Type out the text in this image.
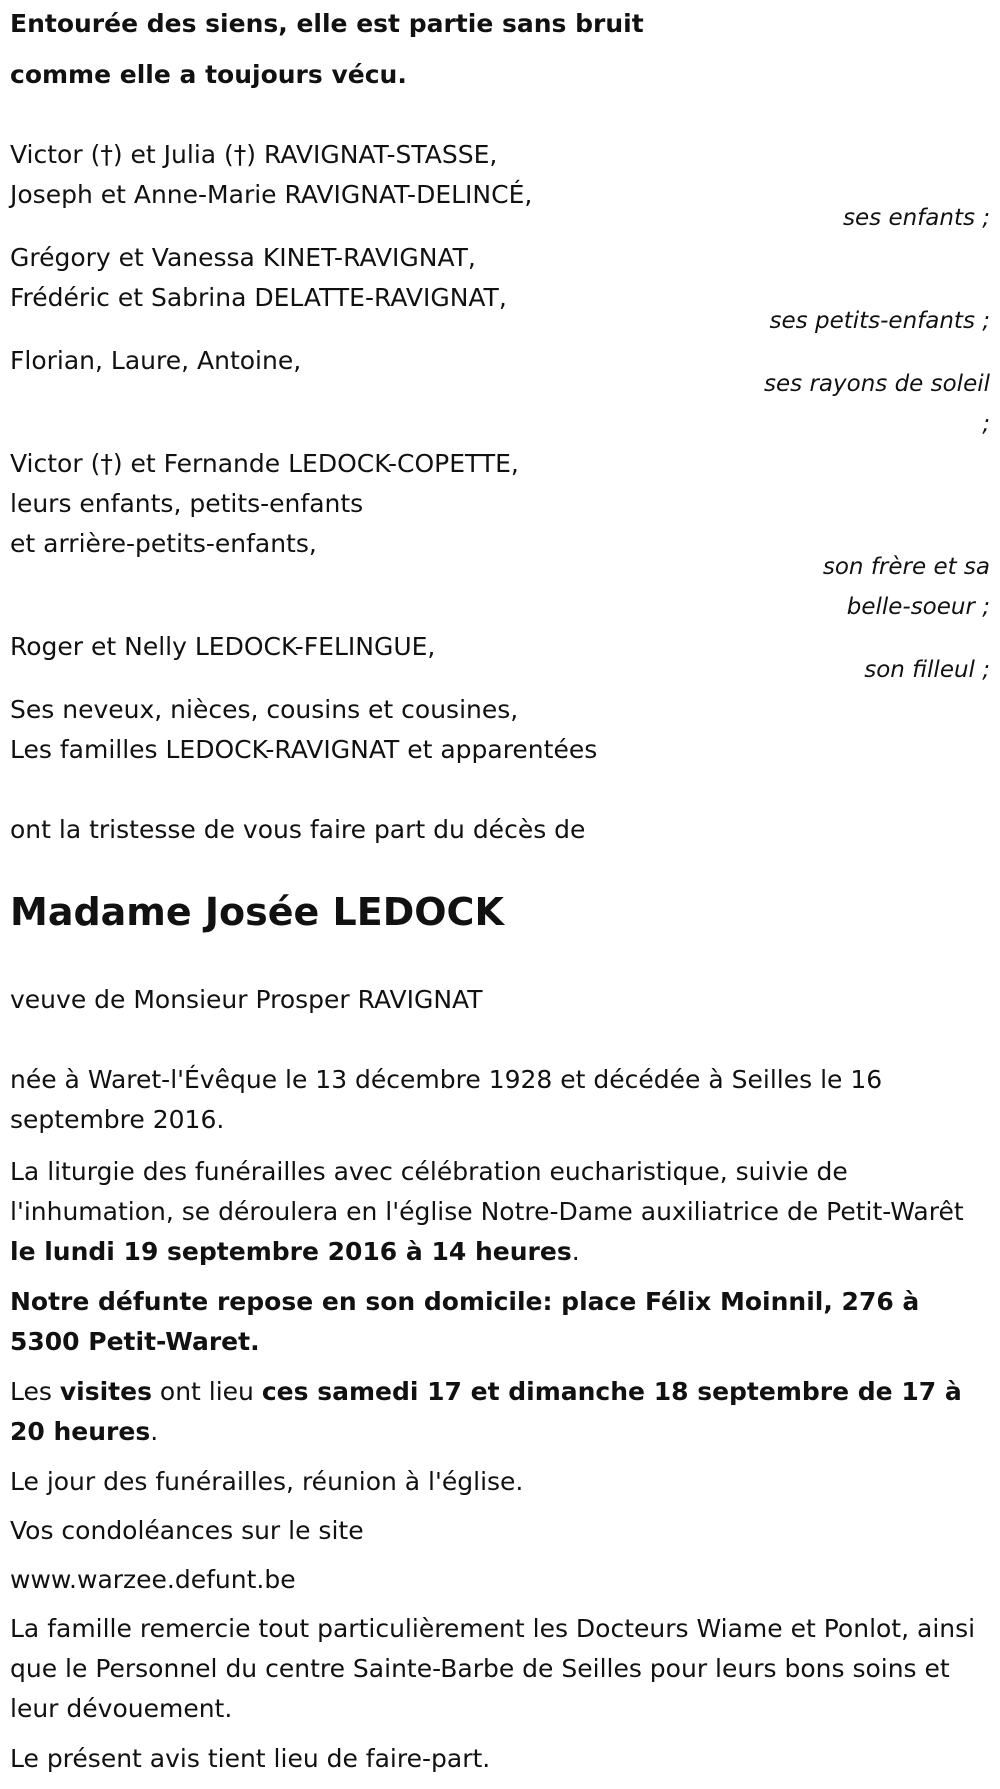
Entourée des siens, elle est partie sans bruit
comme elle a toujours vécu.
Victor (†) et Julia (†) RAVIGNAT-STASSE,
Joseph et Anne-Marie RAVIGNAT-DELINCÉ,
ses enfants ;
Grégory et Vanessa KINET-RAVIGNAT,
Frédéric et Sabrina DELATTE-RAVIGNAT,
ses petits-enfants ;
Florian, Laure, Antoine,
ses rayons de soleil
;
Victor (†) et Fernande LEDOCK-COPETTE,
leurs enfants, petits-enfants
et arrière-petits-enfants,
son frère et sa
belle-soeur ;
Roger et Nelly LEDOCK-FELINGUE,
son filleul ;
Ses neveux, nièces, cousins et cousines,
Les familles LEDOCK-RAVIGNAT et apparentées
ont la tristesse de vous faire part du décès de
Madame Josée LEDOCK
veuve de Monsieur Prosper RAVIGNAT
née à Waret-l'Évêque le 13 décembre 1928 et décédée à Seilles le 16 septembre 2016.
La liturgie des funérailles avec célébration eucharistique, suivie de l'inhumation, se déroulera en l'église Notre-Dame auxiliatrice de Petit-Warêt le lundi 19 septembre 2016 à 14 heures.
Notre défunte repose en son domicile: place Félix Moinnil, 276 à 5300 Petit-Waret.
Les visites ont lieu ces samedi 17 et dimanche 18 septembre de 17 à 20 heures.
Le jour des funérailles, réunion à l'église.
Vos condoléances sur le site
www.warzee.defunt.be
La famille remercie tout particulièrement les Docteurs Wiame et Ponlot, ainsi que le Personnel du centre Sainte-Barbe de Seilles pour leurs bons soins et leur dévouement.
Le présent avis tient lieu de faire-part.
